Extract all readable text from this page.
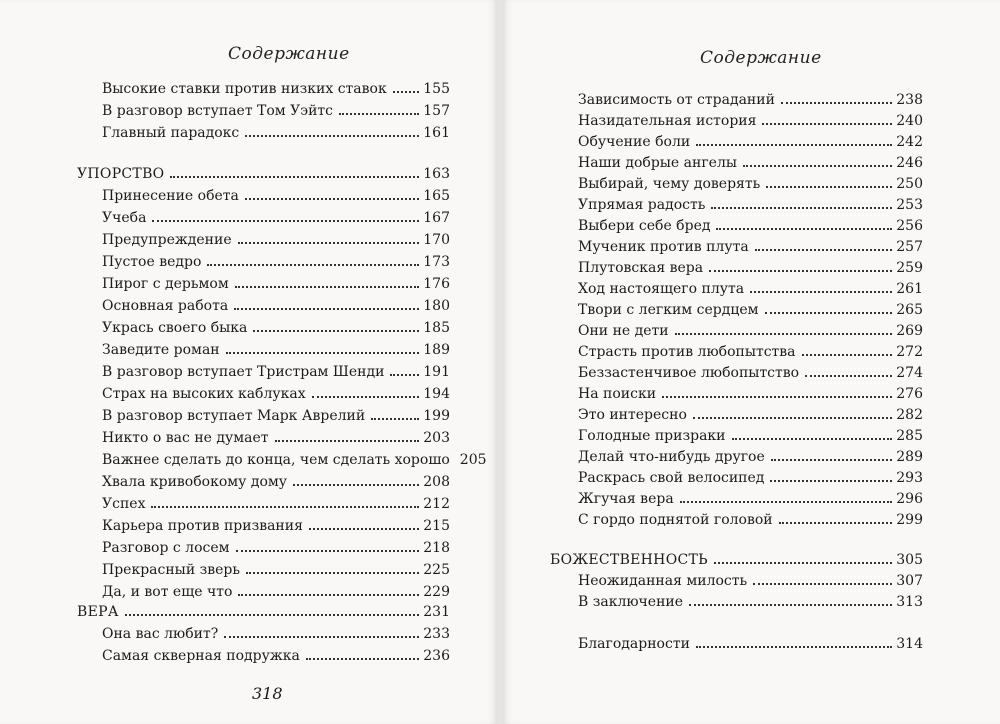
Содержание
Высокие ставки против низких ставок	155
В разговор вступает Том Уэйтс	157
Главный парадокс	161
УПОРСТВО	163
Принесение обета	165
Учеба	167
Предупреждение	170
Пустое ведро	173
Пирог с дерьмом	176
Основная работа	180
Укрась своего быка	185
Заведите роман	189
В разговор вступает Тристрам Шенди	191
Страх на высоких каблуках	194
В разговор вступает Марк Аврелий	199
Никто о вас не думает	203
Важнее сделать до конца, чем сделать хорошо 205
Хвала кривобокому дому	208
Успех	212
Карьера против призвания	215
Разговор с лосем	218
Прекрасный зверь	225
Да, и вот еще что	229
ВЕРА	231
Она вас любит?	233
Самая скверная подружка	236
318
Содержание
Зависимость от страданий	238
Назидательная история	240
Обучение боли	242
Наши добрые ангелы	246
Выбирай, чему доверять	250
Упрямая радость	253
Выбери себе бред	256
Мученик против плута	257
Плутовская вера	259
Ход настоящего плута	261
Твори с легким сердцем	265
Они не дети	269
Страсть против любопытства	272
Беззастенчивое любопытство	274
На поиски	276
Это интересно	282
Голодные призраки	285
Делай что-нибудь другое	289
Раскрась свой велосипед	293
Жгучая вера	296
С гордо поднятой головой	299
БОЖЕСТВЕННОСТЬ	305
Неожиданная милость	307
В заключение	313
Благодарности	314
